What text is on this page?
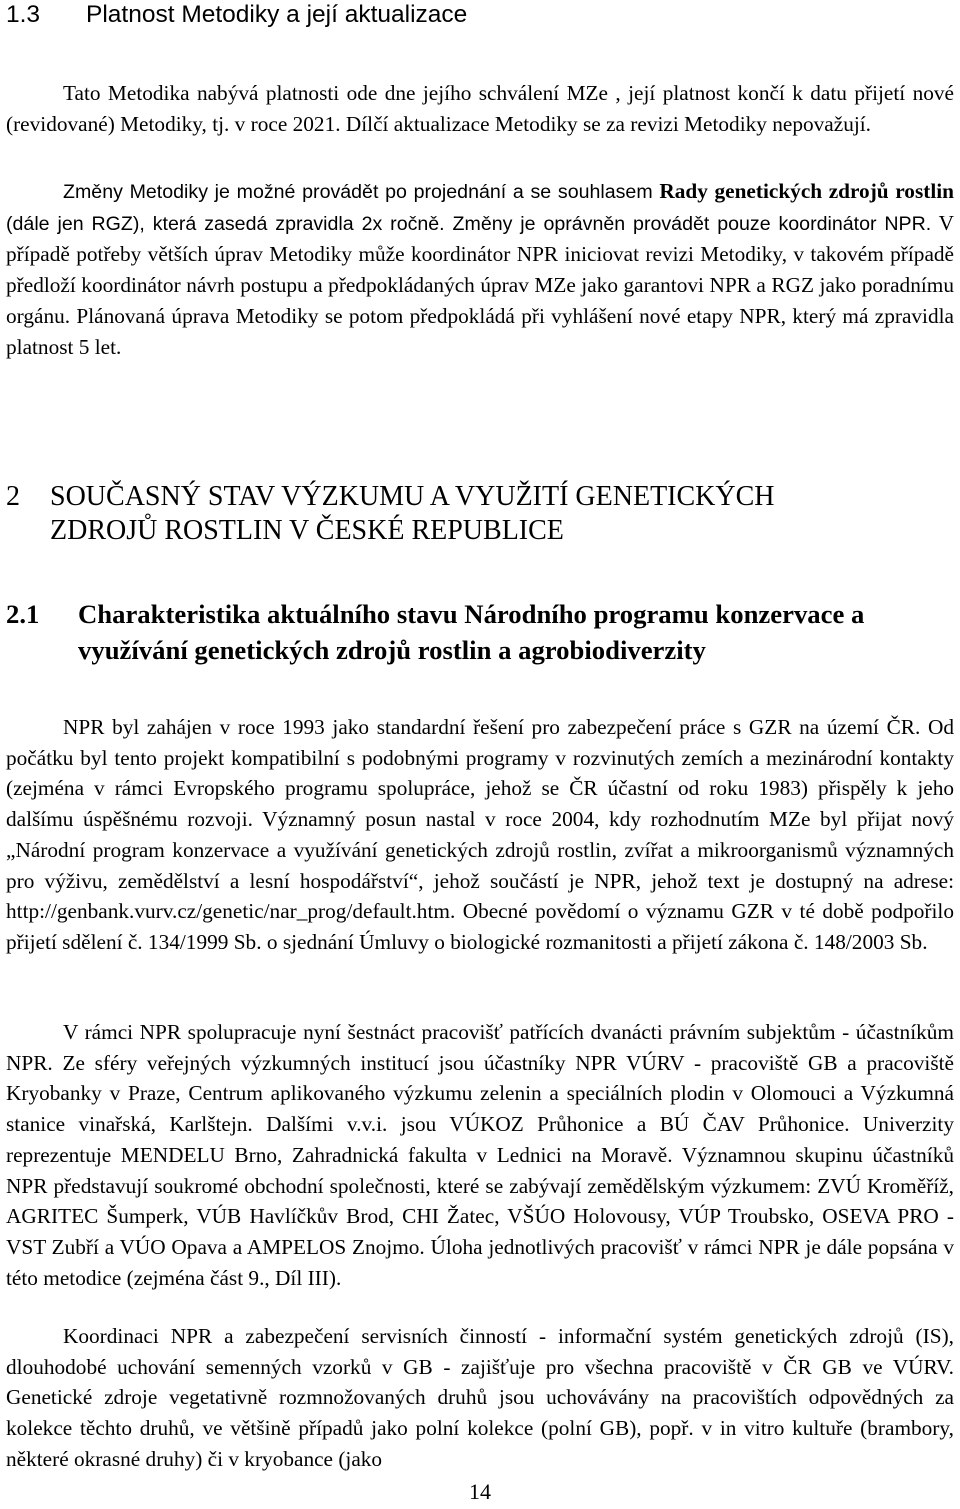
1.3 Platnost Metodiky a její aktualizace

Tato Metodika nabývá platnosti ode dne jejího schválení MZe , její platnost končí k datu přijetí nové (revidované) Metodiky, tj. v roce 2021. Dílčí aktualizace Metodiky se za revizi Metodiky nepovažují.

Změny Metodiky je možné provádět po projednání a se souhlasem Rady genetických zdrojů rostlin (dále jen RGZ), která zasedá zpravidla 2x ročně. Změny je oprávněn provádět pouze koordinátor NPR. V případě potřeby větších úprav Metodiky může koordinátor NPR iniciovat revizi Metodiky, v takovém případě předloží koordinátor návrh postupu a předpokládaných úprav MZe jako garantovi NPR a RGZ jako poradnímu orgánu. Plánovaná úprava Metodiky se potom předpokládá při vyhlášení nové etapy NPR, který má zpravidla platnost 5 let.

2 SOUČASNÝ STAV VÝZKUMU A VYUŽITÍ GENETICKÝCH
ZDROJŮ ROSTLIN V ČESKÉ REPUBLICE
2.1 Charakteristika aktuálního stavu Národního programu konzervace a
využívání genetických zdrojů rostlin a agrobiodiverzity

NPR byl zahájen v roce 1993 jako standardní řešení pro zabezpečení práce s GZR na území ČR. Od počátku byl tento projekt kompatibilní s podobnými programy v rozvinutých zemích a mezinárodní kontakty (zejména v rámci Evropského programu spolupráce, jehož se ČR účastní od roku 1983) přispěly k jeho dalšímu úspěšnému rozvoji. Významný posun nastal v roce 2004, kdy rozhodnutím MZe byl přijat nový „Národní program konzervace a využívání genetických zdrojů rostlin, zvířat a mikroorganismů významných pro výživu, zemědělství a lesní hospodářství“, jehož součástí je NPR, jehož text je dostupný na adrese: http://genbank.vurv.cz/genetic/nar_prog/default.htm. Obecné povědomí o významu GZR v té době podpořilo přijetí sdělení č. 134/1999 Sb. o sjednání Úmluvy o biologické rozmanitosti a přijetí zákona č. 148/2003 Sb.

V rámci NPR spolupracuje nyní šestnáct pracovišť patřících dvanácti právním subjektům - účastníkům NPR. Ze sféry veřejných výzkumných institucí jsou účastníky NPR VÚRV - pracoviště GB a pracoviště Kryobanky v Praze, Centrum aplikovaného výzkumu zelenin a speciálních plodin v Olomouci a Výzkumná stanice vinařská, Karlštejn. Dalšími v.v.i. jsou VÚKOZ Průhonice a BÚ ČAV Průhonice. Univerzity reprezentuje MENDELU Brno, Zahradnická fakulta v Lednici na Moravě. Významnou skupinu účastníků NPR představují soukromé obchodní společnosti, které se zabývají zemědělským výzkumem: ZVÚ Kroměříž, AGRITEC Šumperk, VÚB Havlíčkův Brod, CHI Žatec, VŠÚO Holovousy, VÚP Troubsko, OSEVA PRO - VST Zubří a VÚO Opava a AMPELOS Znojmo. Úloha jednotlivých pracovišť v rámci NPR je dále popsána v této metodice (zejména část 9., Díl III).

Koordinaci NPR a zabezpečení servisních činností - informační systém genetických zdrojů (IS), dlouhodobé uchování semenných vzorků v GB - zajišťuje pro všechna pracoviště v ČR GB ve VÚRV. Genetické zdroje vegetativně rozmnožovaných druhů jsou uchovávány na pracovištích odpovědných za kolekce těchto druhů, ve většině případů jako polní kolekce (polní GB), popř. v in vitro kultuře (brambory, některé okrasné druhy) či v kryobance (jako

14
